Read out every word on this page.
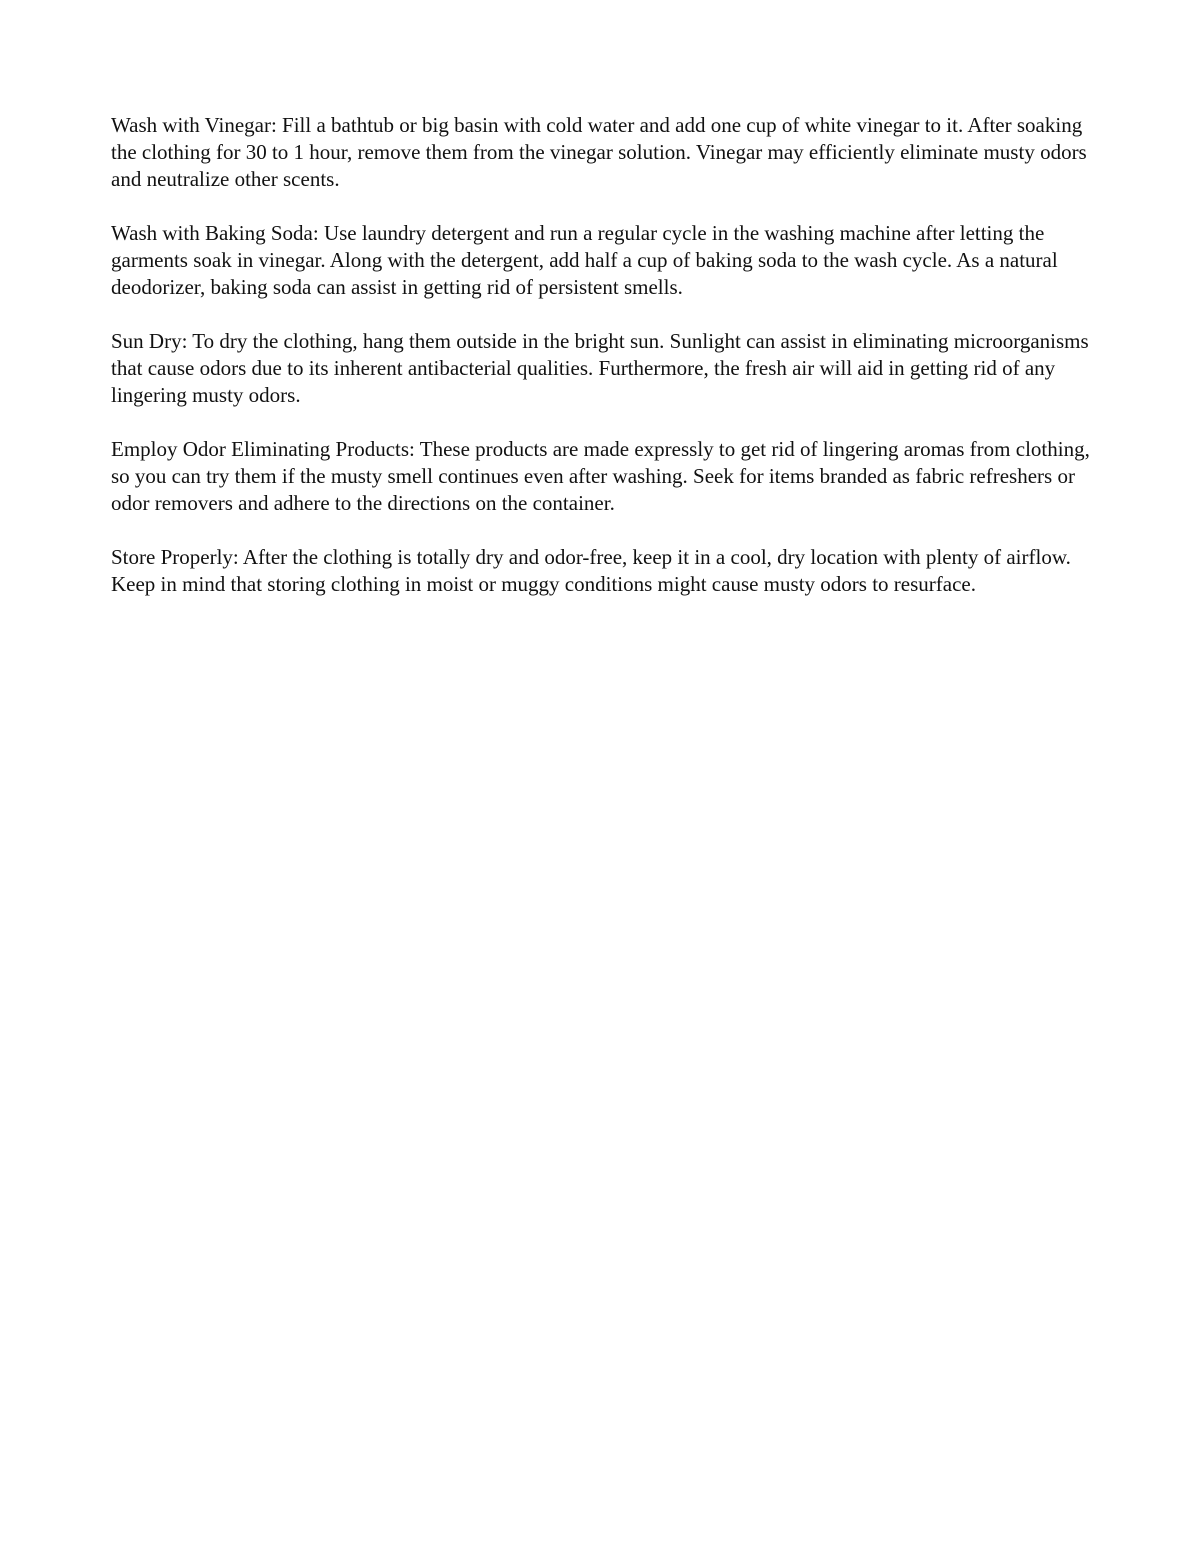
Wash with Vinegar: Fill a bathtub or big basin with cold water and add one cup of white vinegar to it. After soaking the clothing for 30 to 1 hour, remove them from the vinegar solution. Vinegar may efficiently eliminate musty odors and neutralize other scents.

Wash with Baking Soda: Use laundry detergent and run a regular cycle in the washing machine after letting the garments soak in vinegar. Along with the detergent, add half a cup of baking soda to the wash cycle. As a natural deodorizer, baking soda can assist in getting rid of persistent smells.

Sun Dry: To dry the clothing, hang them outside in the bright sun. Sunlight can assist in eliminating microorganisms that cause odors due to its inherent antibacterial qualities. Furthermore, the fresh air will aid in getting rid of any lingering musty odors.

Employ Odor Eliminating Products: These products are made expressly to get rid of lingering aromas from clothing, so you can try them if the musty smell continues even after washing. Seek for items branded as fabric refreshers or odor removers and adhere to the directions on the container.

Store Properly: After the clothing is totally dry and odor-free, keep it in a cool, dry location with plenty of airflow. Keep in mind that storing clothing in moist or muggy conditions might cause musty odors to resurface.
